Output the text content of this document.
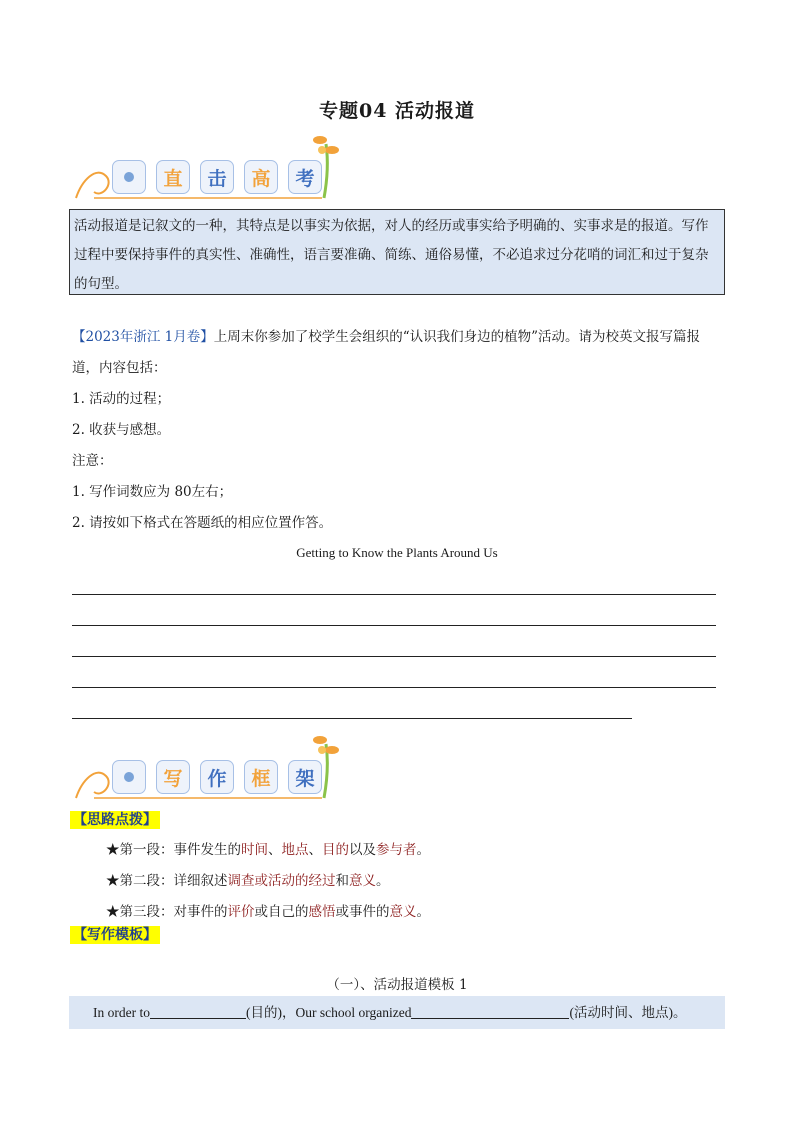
专题04 活动报道
直	击	高	考
活动报道是记叙文的一种，其特点是以事实为依据，对人的经历或事实给予明确的、实事求是的报道。写作过程中要保持事件的真实性、准确性，语言要准确、简练、通俗易懂，不必追求过分花哨的词汇和过于复杂的句型。

【2023年浙江 1月卷】上周末你参加了校学生会组织的“认识我们身边的植物”活动。请为校英文报写篇报道，内容包括：

1. 活动的过程；

2. 收获与感想。

注意：

1. 写作词数应为 80左右；

2. 请按如下格式在答题纸的相应位置作答。

Getting to Know the Plants Around Us
写	作	框	架
【思路点拨】
★第一段：事件发生的时间、地点、目的以及参与者。
★第二段：详细叙述调查或活动的经过和意义。
★第三段：对事件的评价或自己的感悟或事件的意义。
【写作模板】
（一）、活动报道模板 1
In order to	(目的)，Our school organized	(活动时间、地点)。
